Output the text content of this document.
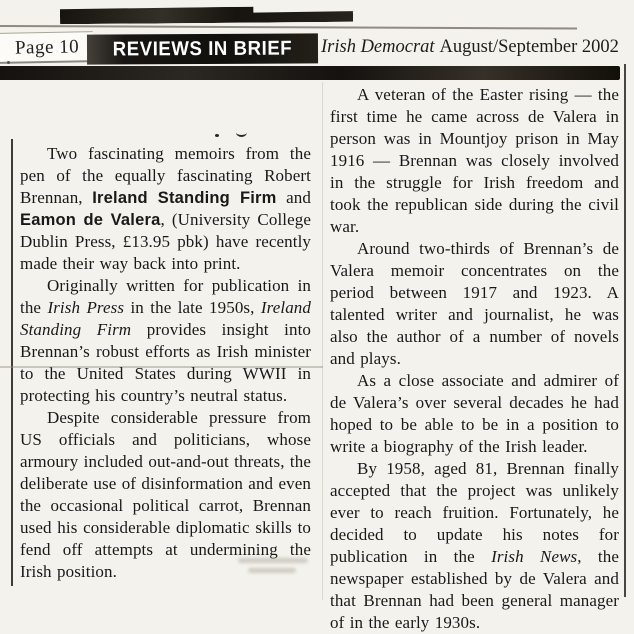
Page 10	REVIEWS IN BRIEF Irish Democrat August/September 2002

Two fascinating memoirs from the pen of the equally fascinating Robert Brennan, Ireland Standing Firm and Eamon de Valera, (University College Dublin Press, £13.95 pbk) have recently made their way back into print.

Originally written for publication in the Irish Press in the late 1950s, Ireland Standing Firm provides insight into Brennan’s robust efforts as Irish minister to the United States during WWII in protecting his country’s neutral status.

Despite considerable pressure from US officials and politicians, whose armoury included out-and-out threats, the deliberate use of disinformation and even the occasional political carrot, Brennan used his considerable diplomatic skills to fend off attempts at undermining the Irish position.

A veteran of the Easter rising — the first time he came across de Valera in person was in Mountjoy prison in May 1916 — Brennan was closely involved in the struggle for Irish freedom and took the republican side during the civil war.

Around two-thirds of Brennan’s de Valera memoir concentrates on the period between 1917 and 1923. A talented writer and journalist, he was also the author of a number of novels and plays.

As a close associate and admirer of de Valera’s over several decades he had hoped to be able to be in a position to write a biography of the Irish leader.

By 1958, aged 81, Brennan finally accepted that the project was unlikely ever to reach fruition. Fortunately, he decided to update his notes for publication in the Irish News, the newspaper established by de Valera and that Brennan had been general manager of in the early 1930s.
